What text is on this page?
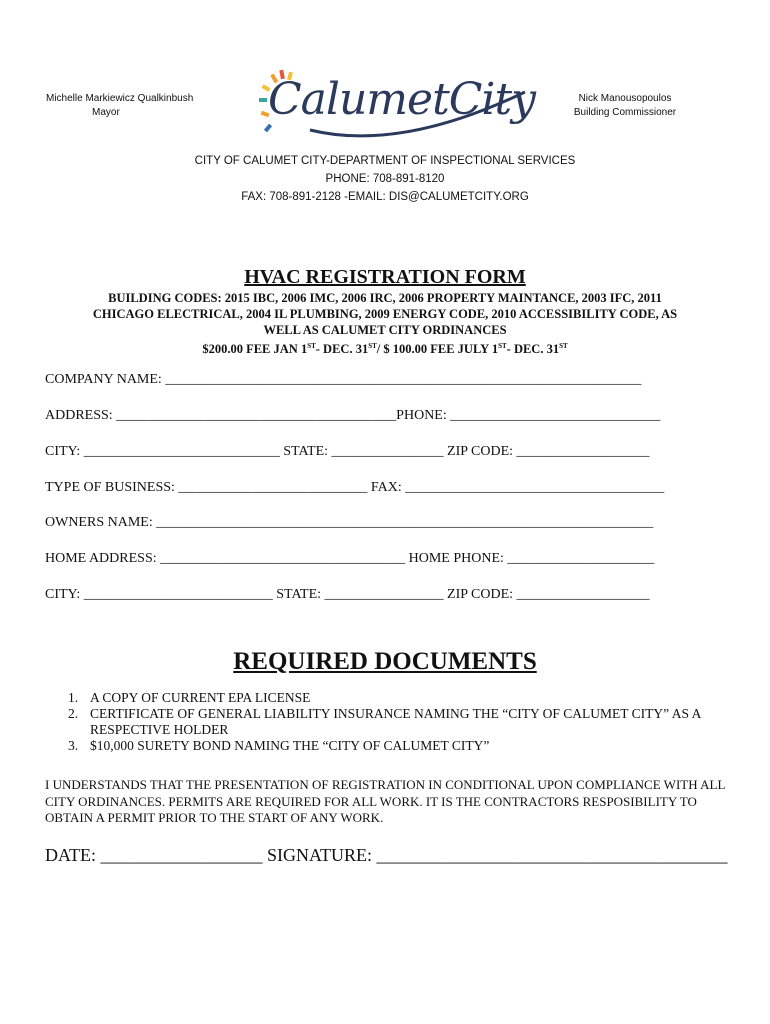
Michelle Markiewicz Qualkinbush

Mayor	CalumetCity	Nick Manousopoulos
Building Commissioner
CITY OF CALUMET CITY-DEPARTMENT OF INSPECTIONAL SERVICES
PHONE: 708-891-8120
FAX: 708-891-2128 -EMAIL: DIS@CALUMETCITY.ORG
HVAC REGISTRATION FORM
BUILDING CODES: 2015 IBC, 2006 IMC, 2006 IRC, 2006 PROPERTY MAINTANCE, 2003 IFC, 2011
CHICAGO ELECTRICAL, 2004 IL PLUMBING, 2009 ENERGY CODE, 2010 ACCESSIBILITY CODE, AS
WELL AS CALUMET CITY ORDINANCES
$200.00 FEE JAN 1ST- DEC. 31ST/ $ 100.00 FEE JULY 1ST- DEC. 31ST
COMPANY NAME: ____________________________________________________________________
ADDRESS: ________________________________________PHONE: ______________________________
CITY: ____________________________ STATE: ________________ ZIP CODE: ___________________
TYPE OF BUSINESS: ___________________________ FAX: _____________________________________
OWNERS NAME: _______________________________________________________________________
HOME ADDRESS: ___________________________________ HOME PHONE: _____________________
CITY: ___________________________ STATE: _________________ ZIP CODE: ___________________
REQUIRED DOCUMENTS
1. A COPY OF CURRENT EPA LICENSE
2. CERTIFICATE OF GENERAL LIABILITY INSURANCE NAMING THE “CITY OF CALUMET CITY” AS A RESPECTIVE HOLDER
3. $10,000 SURETY BOND NAMING THE “CITY OF CALUMET CITY”
I UNDERSTANDS THAT THE PRESENTATION OF REGISTRATION IN CONDITIONAL UPON COMPLIANCE WITH ALL CITY ORDINANCES. PERMITS ARE REQUIRED FOR ALL WORK. IT IS THE CONTRACTORS RESPOSIBILITY TO OBTAIN A PERMIT PRIOR TO THE START OF ANY WORK.
DATE: __________________ SIGNATURE: _______________________________________
